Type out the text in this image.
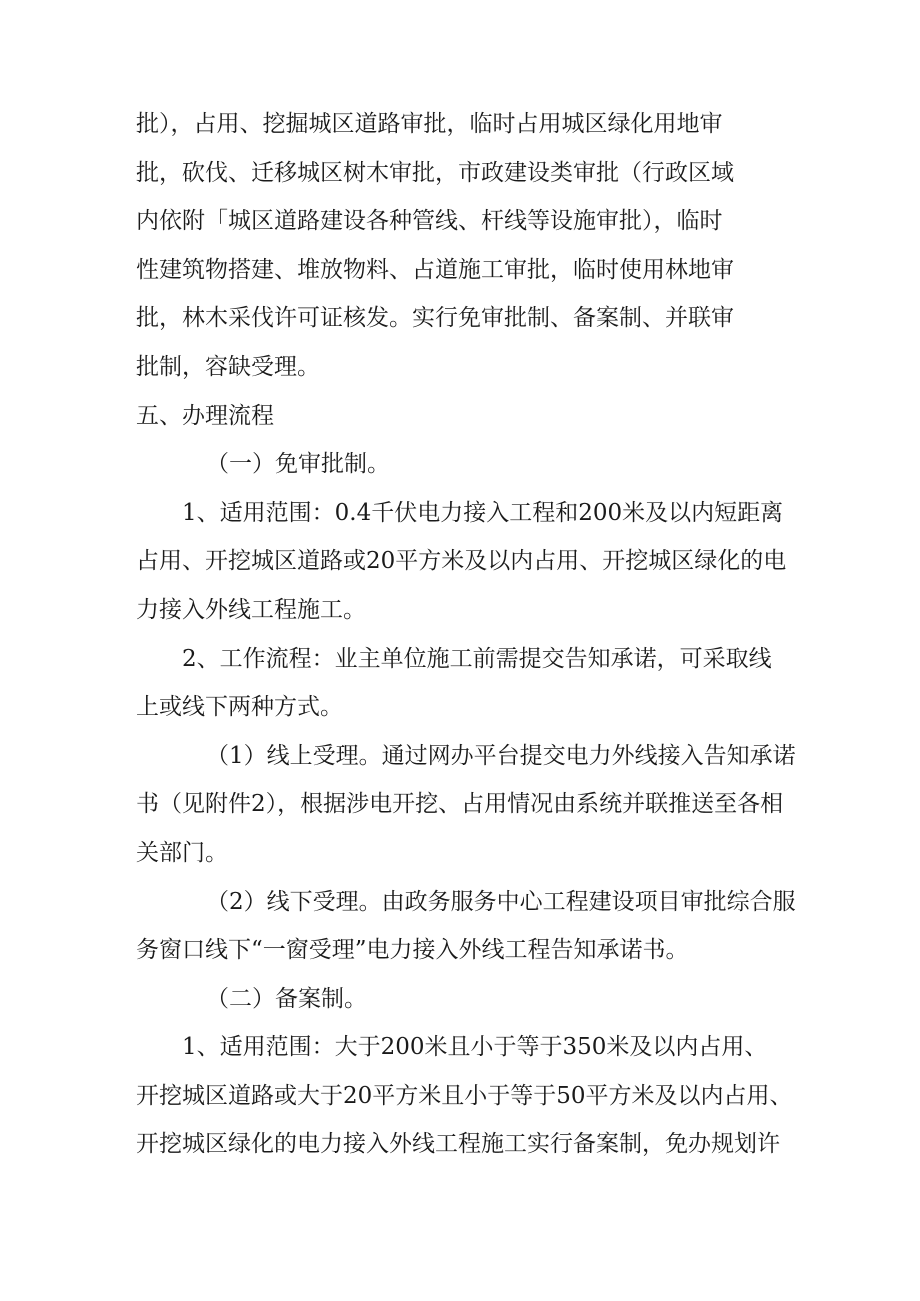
批），占用、挖掘城区道路审批，临时占用城区绿化用地审
批，砍伐、迁移城区树木审批，市政建设类审批（行政区域
内依附「城区道路建设各种管线、杆线等设施审批），临时
性建筑物搭建、堆放物料、占道施工审批，临时使用林地审
批，林木采伐许可证核发。实行免审批制、备案制、并联审
批制，容缺受理。
五、办理流程
（一）免审批制。
1、适用范围：0.4千伏电力接入工程和200米及以内短距离
占用、开挖城区道路或20平方米及以内占用、开挖城区绿化的电
力接入外线工程施工。
2、工作流程：业主单位施工前需提交告知承诺，可采取线
上或线下两种方式。
（1）线上受理。通过网办平台提交电力外线接入告知承诺
书（见附件2），根据涉电开挖、占用情况由系统并联推送至各相
关部门。
（2）线下受理。由政务服务中心工程建设项目审批综合服
务窗口线下“一窗受理”电力接入外线工程告知承诺书。
（二）备案制。
1、适用范围：大于200米且小于等于350米及以内占用、
开挖城区道路或大于20平方米且小于等于50平方米及以内占用、
开挖城区绿化的电力接入外线工程施工实行备案制，免办规划许
